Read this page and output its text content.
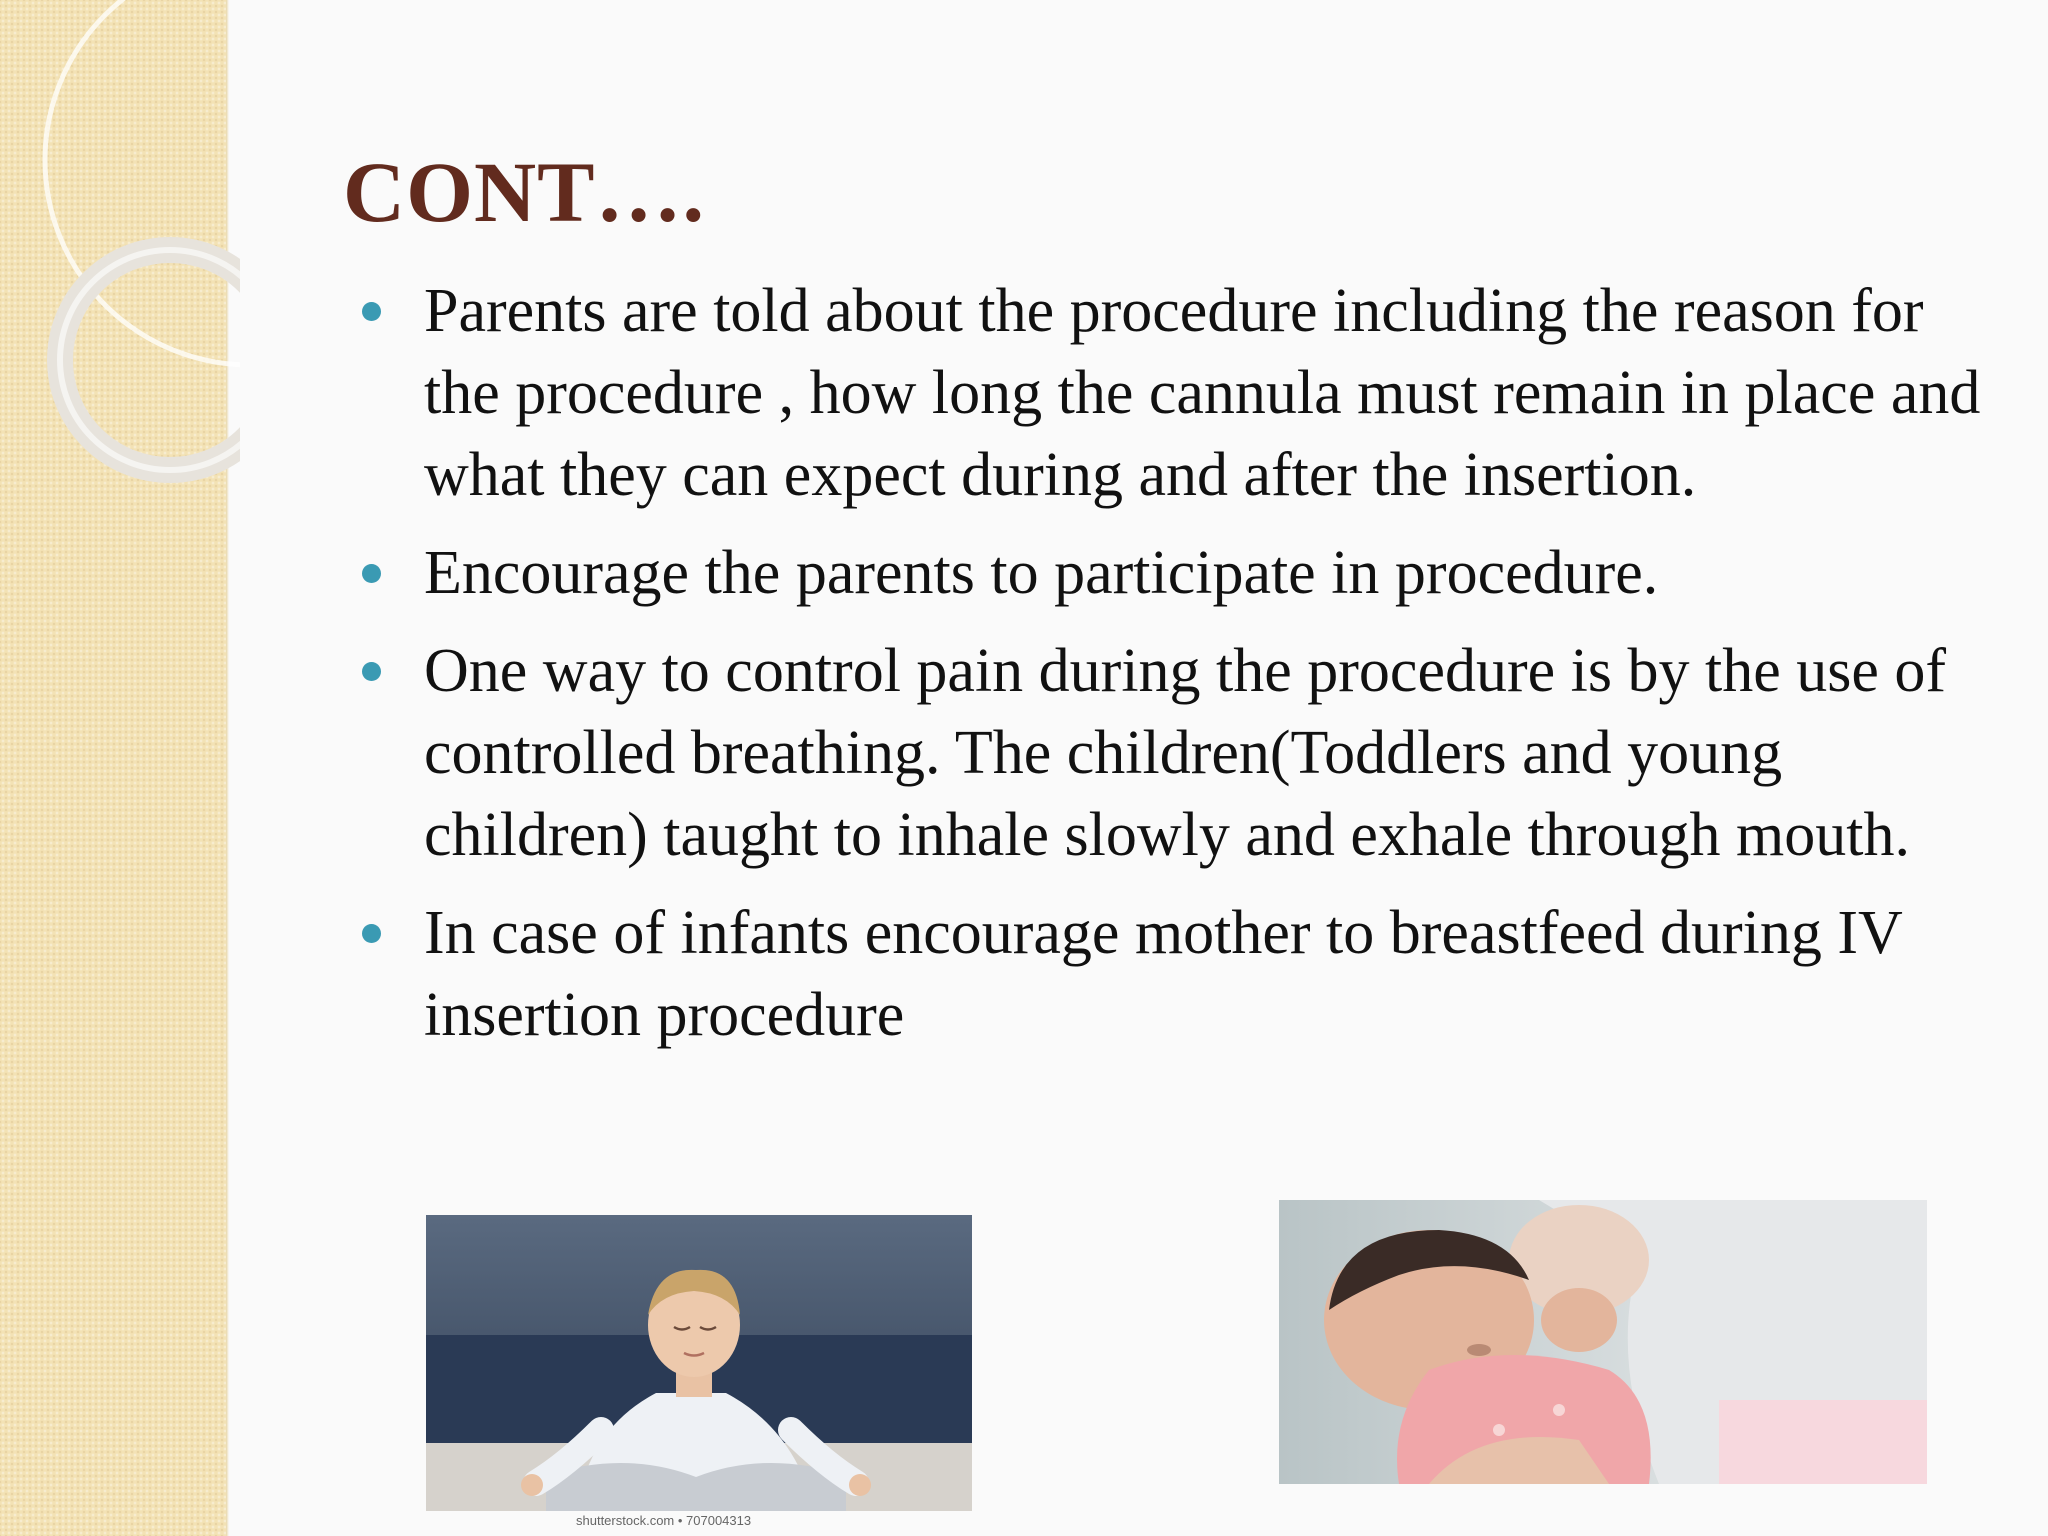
CONT….
Parents are told about the procedure including the reason for the procedure , how long the cannula must remain in place and what they can expect during and after the insertion.
Encourage the parents to participate in procedure.
One way to control pain during the procedure is by the use of controlled breathing. The children(Toddlers and young children) taught to inhale slowly and exhale through mouth.
In case of infants encourage mother to breastfeed during IV insertion procedure
shutterstock.com • 707004313
